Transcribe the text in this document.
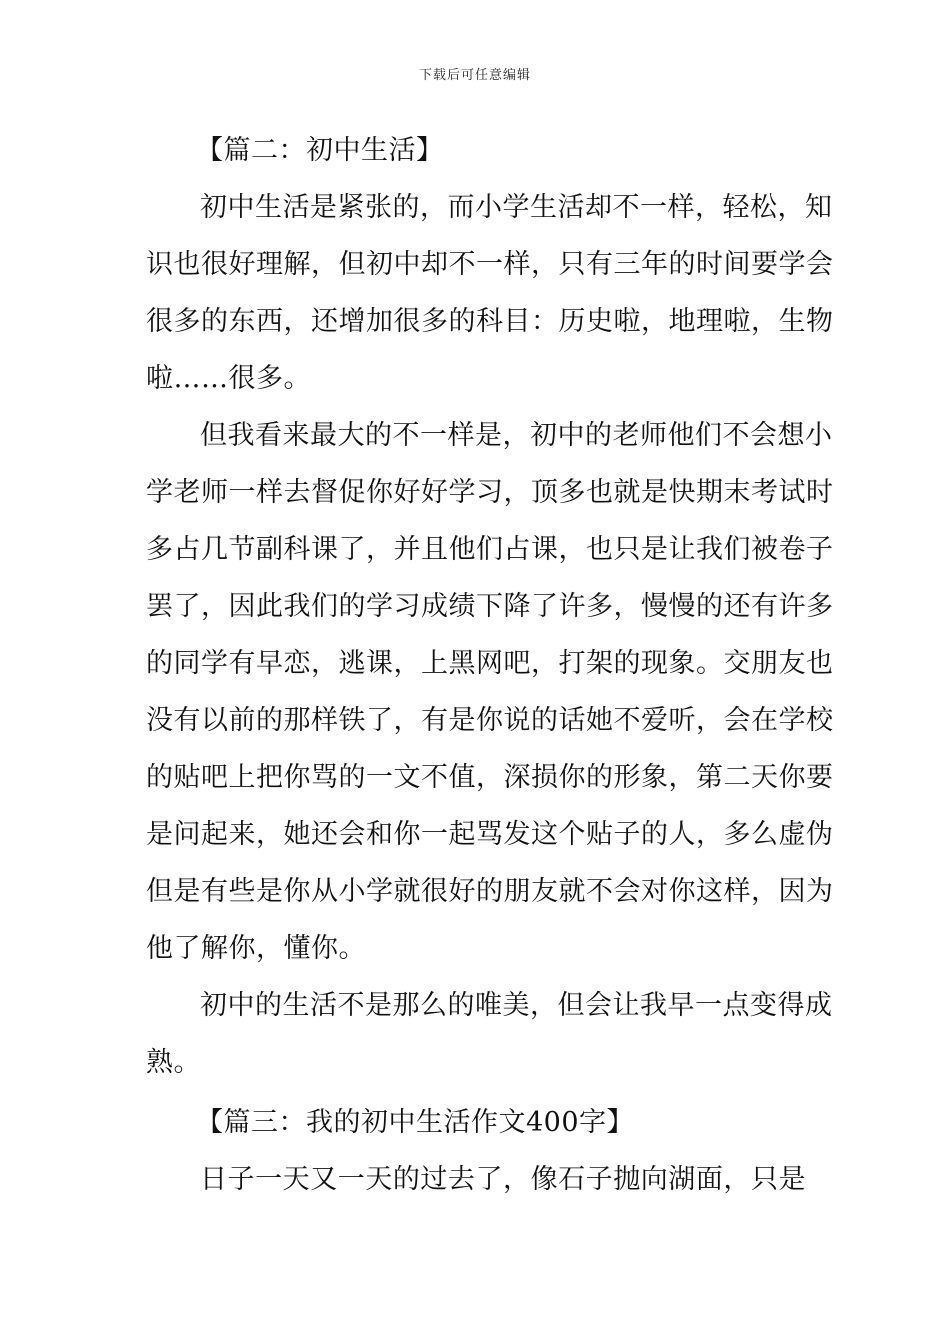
下载后可任意编辑
【篇二：初中生活】
初中生活是紧张的，而小学生活却不一样，轻松，知
识也很好理解，但初中却不一样，只有三年的时间要学会
很多的东西，还增加很多的科目：历史啦，地理啦，生物
啦……很多。
但我看来最大的不一样是，初中的老师他们不会想小
学老师一样去督促你好好学习，顶多也就是快期末考试时
多占几节副科课了，并且他们占课，也只是让我们被卷子
罢了，因此我们的学习成绩下降了许多，慢慢的还有许多
的同学有早恋，逃课，上黑网吧，打架的现象。交朋友也
没有以前的那样铁了，有是你说的话她不爱听，会在学校
的贴吧上把你骂的一文不值，深损你的形象，第二天你要
是问起来，她还会和你一起骂发这个贴子的人，多么虚伪
但是有些是你从小学就很好的朋友就不会对你这样，因为
他了解你，懂你。
初中的生活不是那么的唯美，但会让我早一点变得成
熟。
【篇三：我的初中生活作文400字】
日子一天又一天的过去了，像石子抛向湖面，只是
